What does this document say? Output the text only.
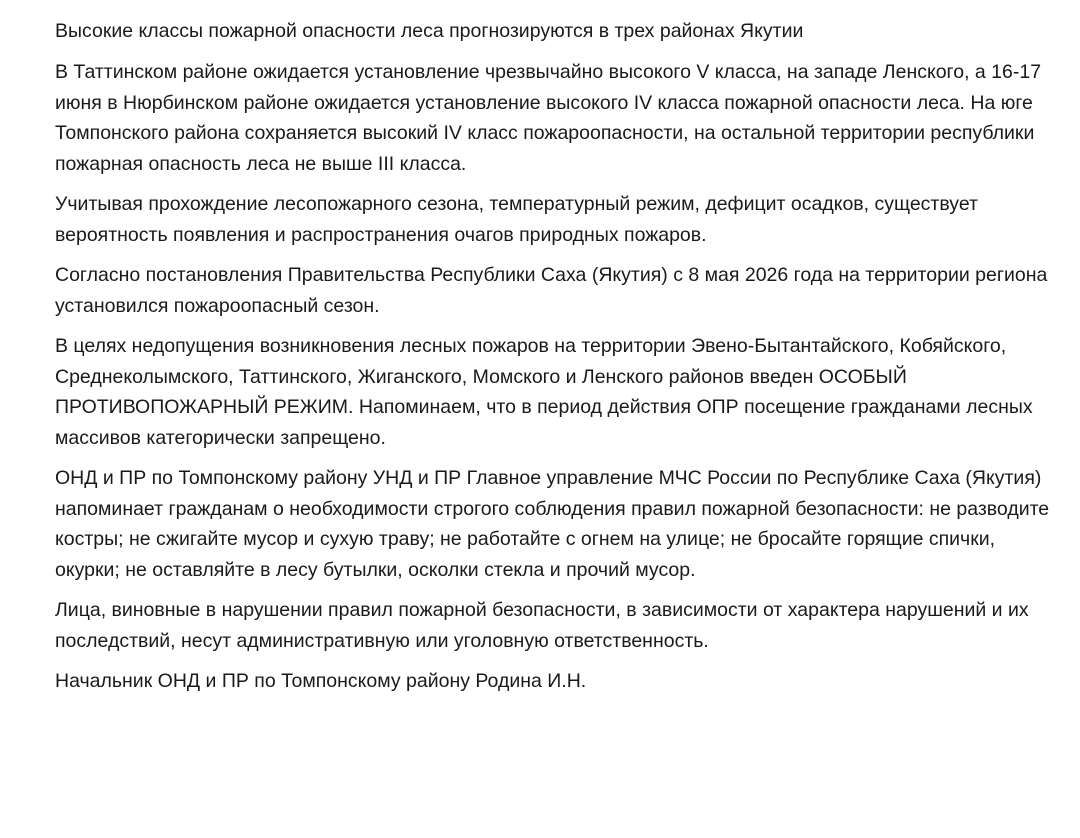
Высокие классы пожарной опасности леса прогнозируются в трех районах Якутии

В Таттинском районе ожидается установление чрезвычайно высокого V класса, на западе Ленского, а 16-17 июня в Нюрбинском районе ожидается установление высокого IV класса пожарной опасности леса. На юге Томпонского района сохраняется высокий IV класс пожароопасности, на остальной территории республики пожарная опасность леса не выше III класса.

Учитывая прохождение лесопожарного сезона, температурный режим, дефицит осадков, существует вероятность появления и распространения очагов природных пожаров.

Согласно постановления Правительства Республики Саха (Якутия) с 8 мая 2026 года на территории региона установился пожароопасный сезон.

В целях недопущения возникновения лесных пожаров на территории Эвено-Бытантайского, Кобяйского, Среднеколымского, Таттинского, Жиганского, Момского и Ленского районов введен ОСОБЫЙ ПРОТИВОПОЖАРНЫЙ РЕЖИМ. Напоминаем, что в период действия ОПР посещение гражданами лесных массивов категорически запрещено.

ОНД и ПР по Томпонскому району УНД и ПР Главное управление МЧС России по Республике Саха (Якутия) напоминает гражданам о необходимости строгого соблюдения правил пожарной безопасности: не разводите костры; не сжигайте мусор и сухую траву; не работайте с огнем на улице; не бросайте горящие спички, окурки; не оставляйте в лесу бутылки, осколки стекла и прочий мусор.

Лица, виновные в нарушении правил пожарной безопасности, в зависимости от характера нарушений и их последствий, несут административную или уголовную ответственность.

Начальник ОНД и ПР по Томпонскому району Родина И.Н.
